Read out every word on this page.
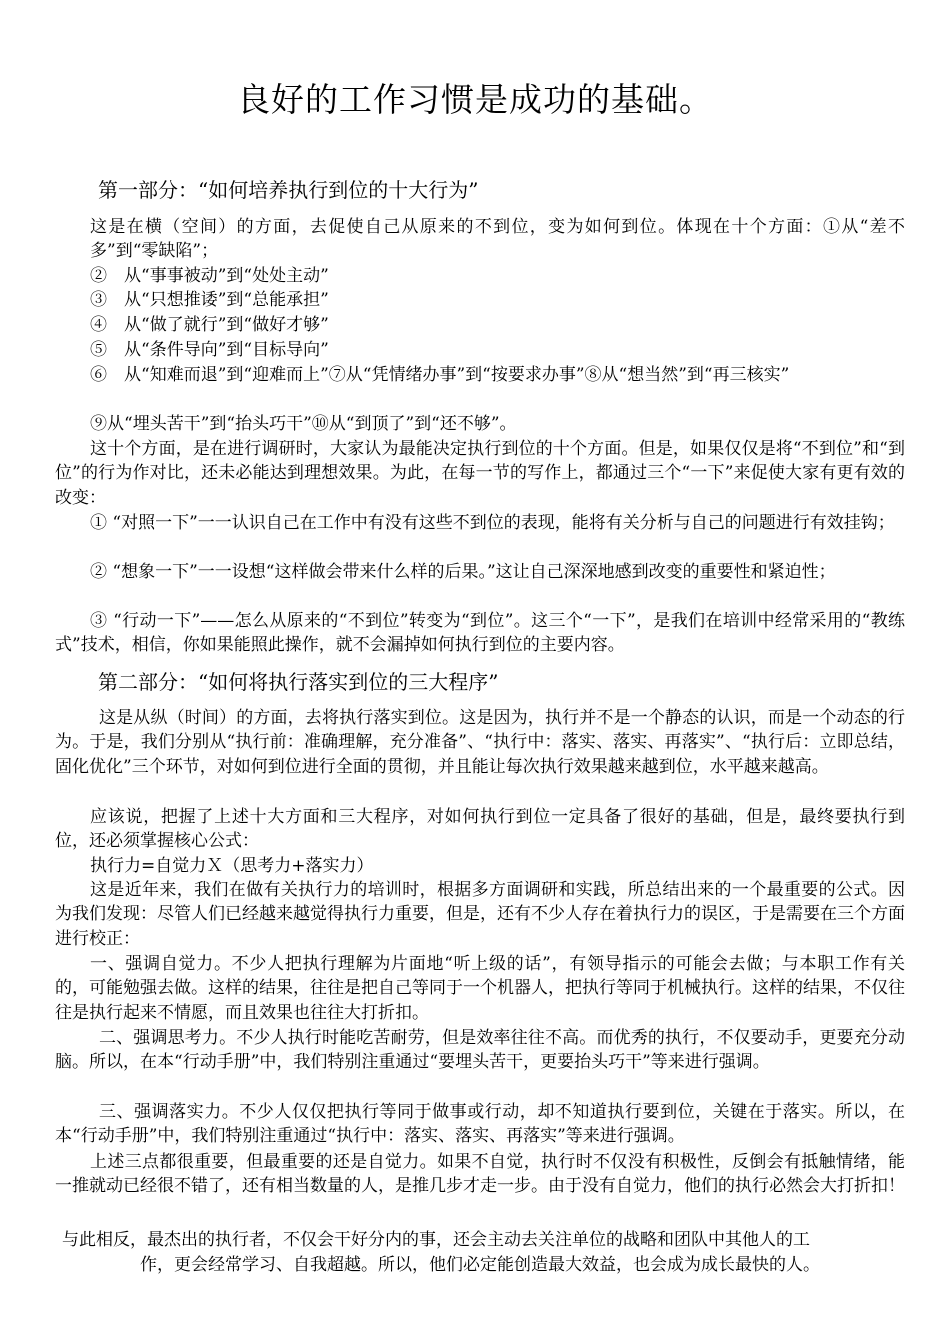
良好的工作习惯是成功的基础。
第一部分：“如何培养执行到位的十大行为”
这是在横（空间）的方面，去促使自己从原来的不到位，变为如何到位。体现在十个方面：①从“差不多”到“零缺陷”；
②　从“事事被动”到“处处主动”
③　从“只想推诿”到“总能承担”
④　从“做了就行”到“做好才够”
⑤　从“条件导向”到“目标导向”
⑥　从“知难而退”到“迎难而上”⑦从“凭情绪办事”到“按要求办事”⑧从“想当然”到“再三核实”
⑨从“埋头苦干”到“抬头巧干”⑩从“到顶了”到“还不够”。
这十个方面，是在进行调研时，大家认为最能决定执行到位的十个方面。但是，如果仅仅是将“不到位”和“到位”的行为作对比，还未必能达到理想效果。为此，在每一节的写作上，都通过三个“一下”来促使大家有更有效的改变：
① “对照一下”一一认识自己在工作中有没有这些不到位的表现，能将有关分析与自己的问题进行有效挂钩；
② “想象一下”一一设想“这样做会带来什么样的后果。”这让自己深深地感到改变的重要性和紧迫性；
③ “行动一下”——怎么从原来的“不到位”转变为“到位”。这三个“一下”，是我们在培训中经常采用的“教练式”技术，相信，你如果能照此操作，就不会漏掉如何执行到位的主要内容。
第二部分：“如何将执行落实到位的三大程序”
这是从纵（时间）的方面，去将执行落实到位。这是因为，执行并不是一个静态的认识，而是一个动态的行为。于是，我们分别从“执行前：准确理解，充分准备”、“执行中：落实、落实、再落实”、“执行后：立即总结，固化优化”三个环节，对如何到位进行全面的贯彻，并且能让每次执行效果越来越到位，水平越来越高。
应该说，把握了上述十大方面和三大程序，对如何执行到位一定具备了很好的基础，但是，最终要执行到位，还必须掌握核心公式：
执行力=自觉力Ｘ（思考力+落实力）
这是近年来，我们在做有关执行力的培训时，根据多方面调研和实践，所总结出来的一个最重要的公式。因为我们发现：尽管人们已经越来越觉得执行力重要，但是，还有不少人存在着执行力的误区，于是需要在三个方面进行校正：
一、强调自觉力。不少人把执行理解为片面地“听上级的话”，有领导指示的可能会去做；与本职工作有关的，可能勉强去做。这样的结果，往往是把自己等同于一个机器人，把执行等同于机械执行。这样的结果，不仅往往是执行起来不情愿，而且效果也往往大打折扣。
二、强调思考力。不少人执行时能吃苦耐劳，但是效率往往不高。而优秀的执行，不仅要动手，更要充分动脑。所以，在本“行动手册”中，我们特别注重通过“要埋头苦干，更要抬头巧干”等来进行强调。
三、强调落实力。不少人仅仅把执行等同于做事或行动，却不知道执行要到位，关键在于落实。所以，在本“行动手册”中，我们特别注重通过“执行中：落实、落实、再落实”等来进行强调。
上述三点都很重要，但最重要的还是自觉力。如果不自觉，执行时不仅没有积极性，反倒会有抵触情绪，能一推就动已经很不错了，还有相当数量的人，是推几步才走一步。由于没有自觉力，他们的执行必然会大打折扣！
与此相反，最杰出的执行者，不仅会干好分内的事，还会主动去关注单位的战略和团队中其他人的工
作，更会经常学习、自我超越。所以，他们必定能创造最大效益，也会成为成长最快的人。
